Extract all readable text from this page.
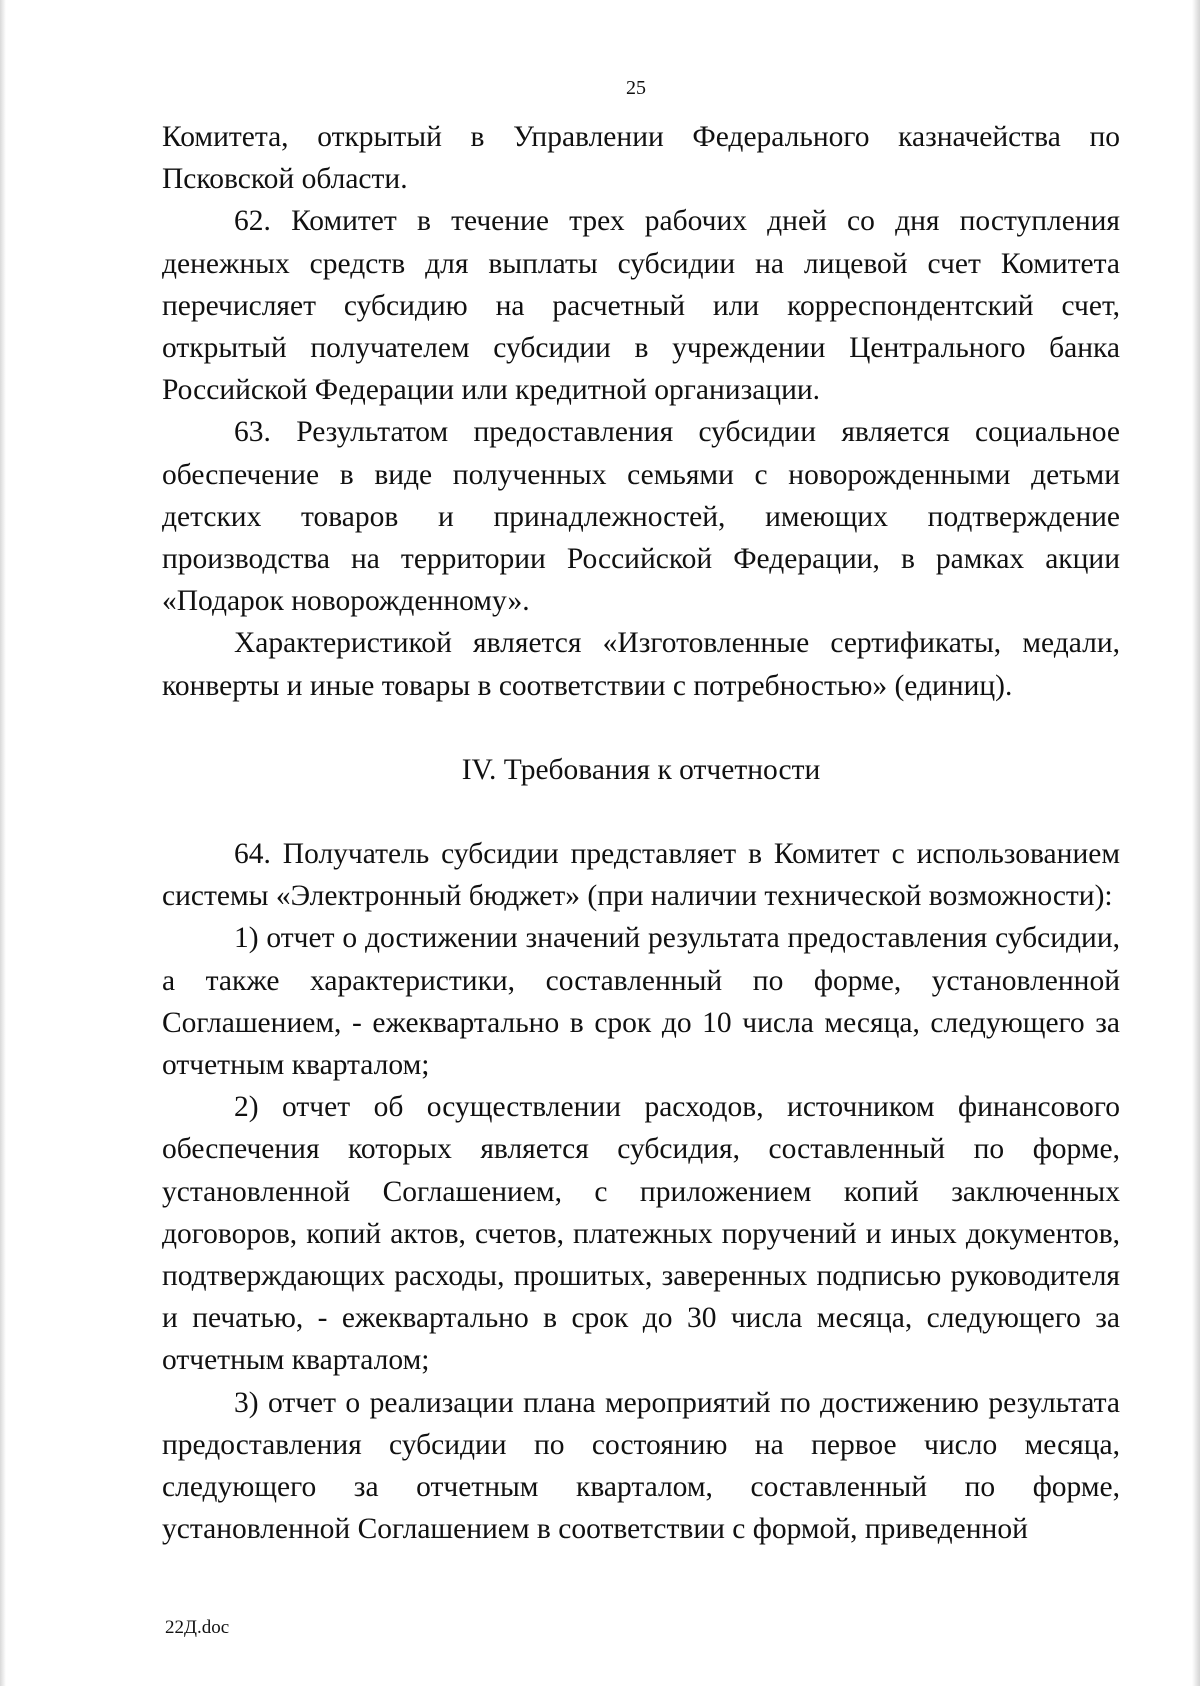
25

Комитета, открытый в Управлении Федерального казначейства по Псковской области.

62. Комитет в течение трех рабочих дней со дня поступления денежных средств для выплаты субсидии на лицевой счет Комитета перечисляет субсидию на расчетный или корреспондентский счет, открытый получателем субсидии в учреждении Центрального банка Российской Федерации или кредитной организации.

63. Результатом предоставления субсидии является социальное обеспечение в виде полученных семьями с новорожденными детьми детских товаров и принадлежностей, имеющих подтверждение производства на территории Российской Федерации, в рамках акции «Подарок новорожденному».

Характеристикой является «Изготовленные сертификаты, медали, конверты и иные товары в соответствии с потребностью» (единиц).

IV. Требования к отчетности

64. Получатель субсидии представляет в Комитет с использованием системы «Электронный бюджет» (при наличии технической возможности):

1) отчет о достижении значений результата предоставления субсидии, а также характеристики, составленный по форме, установленной Соглашением, - ежеквартально в срок до 10 числа месяца, следующего за отчетным кварталом;

2) отчет об осуществлении расходов, источником финансового обеспечения которых является субсидия, составленный по форме, установленной Соглашением, с приложением копий заключенных договоров, копий актов, счетов, платежных поручений и иных документов, подтверждающих расходы, прошитых, заверенных подписью руководителя и печатью, - ежеквартально в срок до 30 числа месяца, следующего за отчетным кварталом;

3) отчет о реализации плана мероприятий по достижению результата предоставления субсидии по состоянию на первое число месяца, следующего за отчетным кварталом, составленный по форме, установленной Соглашением в соответствии с формой, приведенной

22Д.doc
